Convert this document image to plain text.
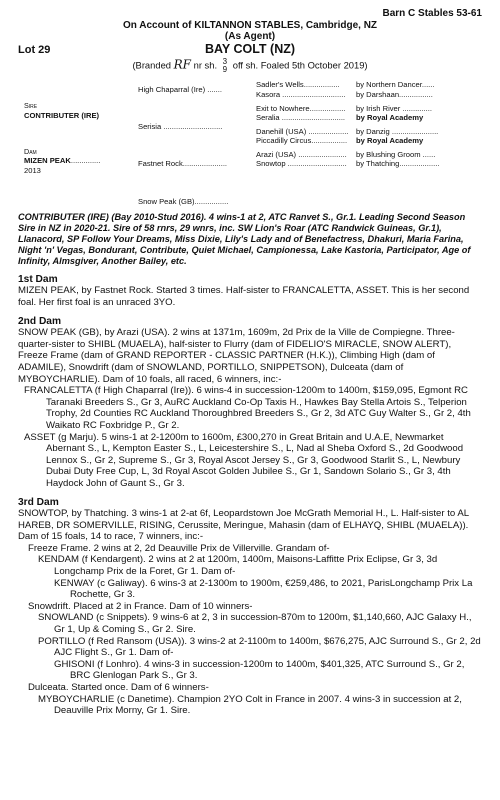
Barn C Stables 53-61
On Account of KILTANNON STABLES, Cambridge, NZ
(As Agent)
Lot 29	BAY COLT (NZ)
(Branded RF nr sh. 3
9 off sh. Foaled 5th October 2019)
Sire
CONTRIBUTER (IRE)
Dam
MIZEN PEAK..............
2013
High Chaparral (Ire) .......
Serisia ............................
Fastnet Rock.....................
Snow Peak (GB)................
Sadler's Wells.................	by Northern Dancer......
Kasora ..............................	by Darshaan................
Exit to Nowhere.................	by Irish River ..............
Seralia ..............................	by Royal Academy
Danehill (USA) ................... by Danzig ......................
Piccadilly Circus.................	by Royal Academy
Arazi (USA) .......................	by Blushing Groom ......
Snowtop ............................	by Thatching...................

CONTRIBUTER (IRE) (Bay 2010-Stud 2016). 4 wins-1 at 2, ATC Ranvet S., Gr.1. Leading Second Season Sire in NZ in 2020-21. Sire of 58 rnrs, 29 wnrs, inc. SW Lion's Roar (ATC Randwick Guineas, Gr.1), Llanacord, SP Follow Your Dreams, Miss Dixie, Lily's Lady and of Benefactress, Dhakuri, Maria Farina, Night 'n' Vegas, Bondurant, Contribute, Quiet Michael, Campionessa, Lake Kastoria, Participator, Age of Infinity, Almsgiver, Another Bailey, etc.

1st Dam

MIZEN PEAK, by Fastnet Rock. Started 3 times. Half-sister to FRANCALETTA, ASSET. This is her second foal. Her first foal is an unraced 3YO.

2nd Dam

SNOW PEAK (GB), by Arazi (USA). 2 wins at 1371m, 1609m, 2d Prix de la Ville de Compiegne. Three-quarter-sister to SHIBL (MUAELA), half-sister to Flurry (dam of FIDELIO'S MIRACLE, SNOW ALERT), Freeze Frame (dam of GRAND REPORTER - CLASSIC PARTNER (H.K.)), Climbing High (dam of ADAMILE), Snowdrift (dam of SNOWLAND, PORTILLO, SNIPPETSON), Dulceata (dam of MYBOYCHARLIE). Dam of 10 foals, all raced, 6 winners, inc:-

FRANCALETTA (f High Chaparral (Ire)). 6 wins-4 in succession-1200m to 1400m, $159,095, Egmont RC Taranaki Breeders S., Gr 3, AuRC Auckland Co-Op Taxis H., Hawkes Bay Stella Artois S., Telperion Trophy, 2d Counties RC Auckland Thoroughbred Breeders S., Gr 2, 3d ATC Guy Walter S., Gr 2, 4th Waikato RC Foxbridge P., Gr 2.

ASSET (g Marju). 5 wins-1 at 2-1200m to 1600m, £300,270 in Great Britain and U.A.E, Newmarket Abernant S., L, Kempton Easter S., L, Leicestershire S., L, Nad al Sheba Oxford S., 2d Goodwood Lennox S., Gr 2, Supreme S., Gr 3, Royal Ascot Jersey S., Gr 3, Goodwood Starlit S., L, Newbury Dubai Duty Free Cup, L, 3d Royal Ascot Golden Jubilee S., Gr 1, Sandown Solario S., Gr 3, 4th Haydock John of Gaunt S., Gr 3.

3rd Dam

SNOWTOP, by Thatching. 3 wins-1 at 2-at 6f, Leopardstown Joe McGrath Memorial H., L. Half-sister to AL HAREB, DR SOMERVILLE, RISING, Cerussite, Meringue, Mahasin (dam of ELHAYQ, SHIBL (MUAELA)). Dam of 15 foals, 14 to race, 7 winners, inc:-

Freeze Frame. 2 wins at 2, 2d Deauville Prix de Villerville. Grandam of-

KENDAM (f Kendargent). 2 wins at 2 at 1200m, 1400m, Maisons-Laffitte Prix Eclipse, Gr 3, 3d Longchamp Prix de la Foret, Gr 1. Dam of-

KENWAY (c Galiway). 6 wins-3 at 2-1300m to 1900m, €259,486, to 2021, ParisLongchamp Prix La Rochette, Gr 3.

Snowdrift. Placed at 2 in France. Dam of 10 winners-

SNOWLAND (c Snippets). 9 wins-6 at 2, 3 in succession-870m to 1200m, $1,140,660, AJC Galaxy H., Gr 1, Up & Coming S., Gr 2. Sire.

PORTILLO (f Red Ransom (USA)). 3 wins-2 at 2-1100m to 1400m, $676,275, AJC Surround S., Gr 2, 2d AJC Flight S., Gr 1. Dam of-

GHISONI (f Lonhro). 4 wins-3 in succession-1200m to 1400m, $401,325, ATC Surround S., Gr 2, BRC Glenlogan Park S., Gr 3.

Dulceata. Started once. Dam of 6 winners-

MYBOYCHARLIE (c Danetime). Champion 2YO Colt in France in 2007. 4 wins-3 in succession at 2, Deauville Prix Morny, Gr 1. Sire.
